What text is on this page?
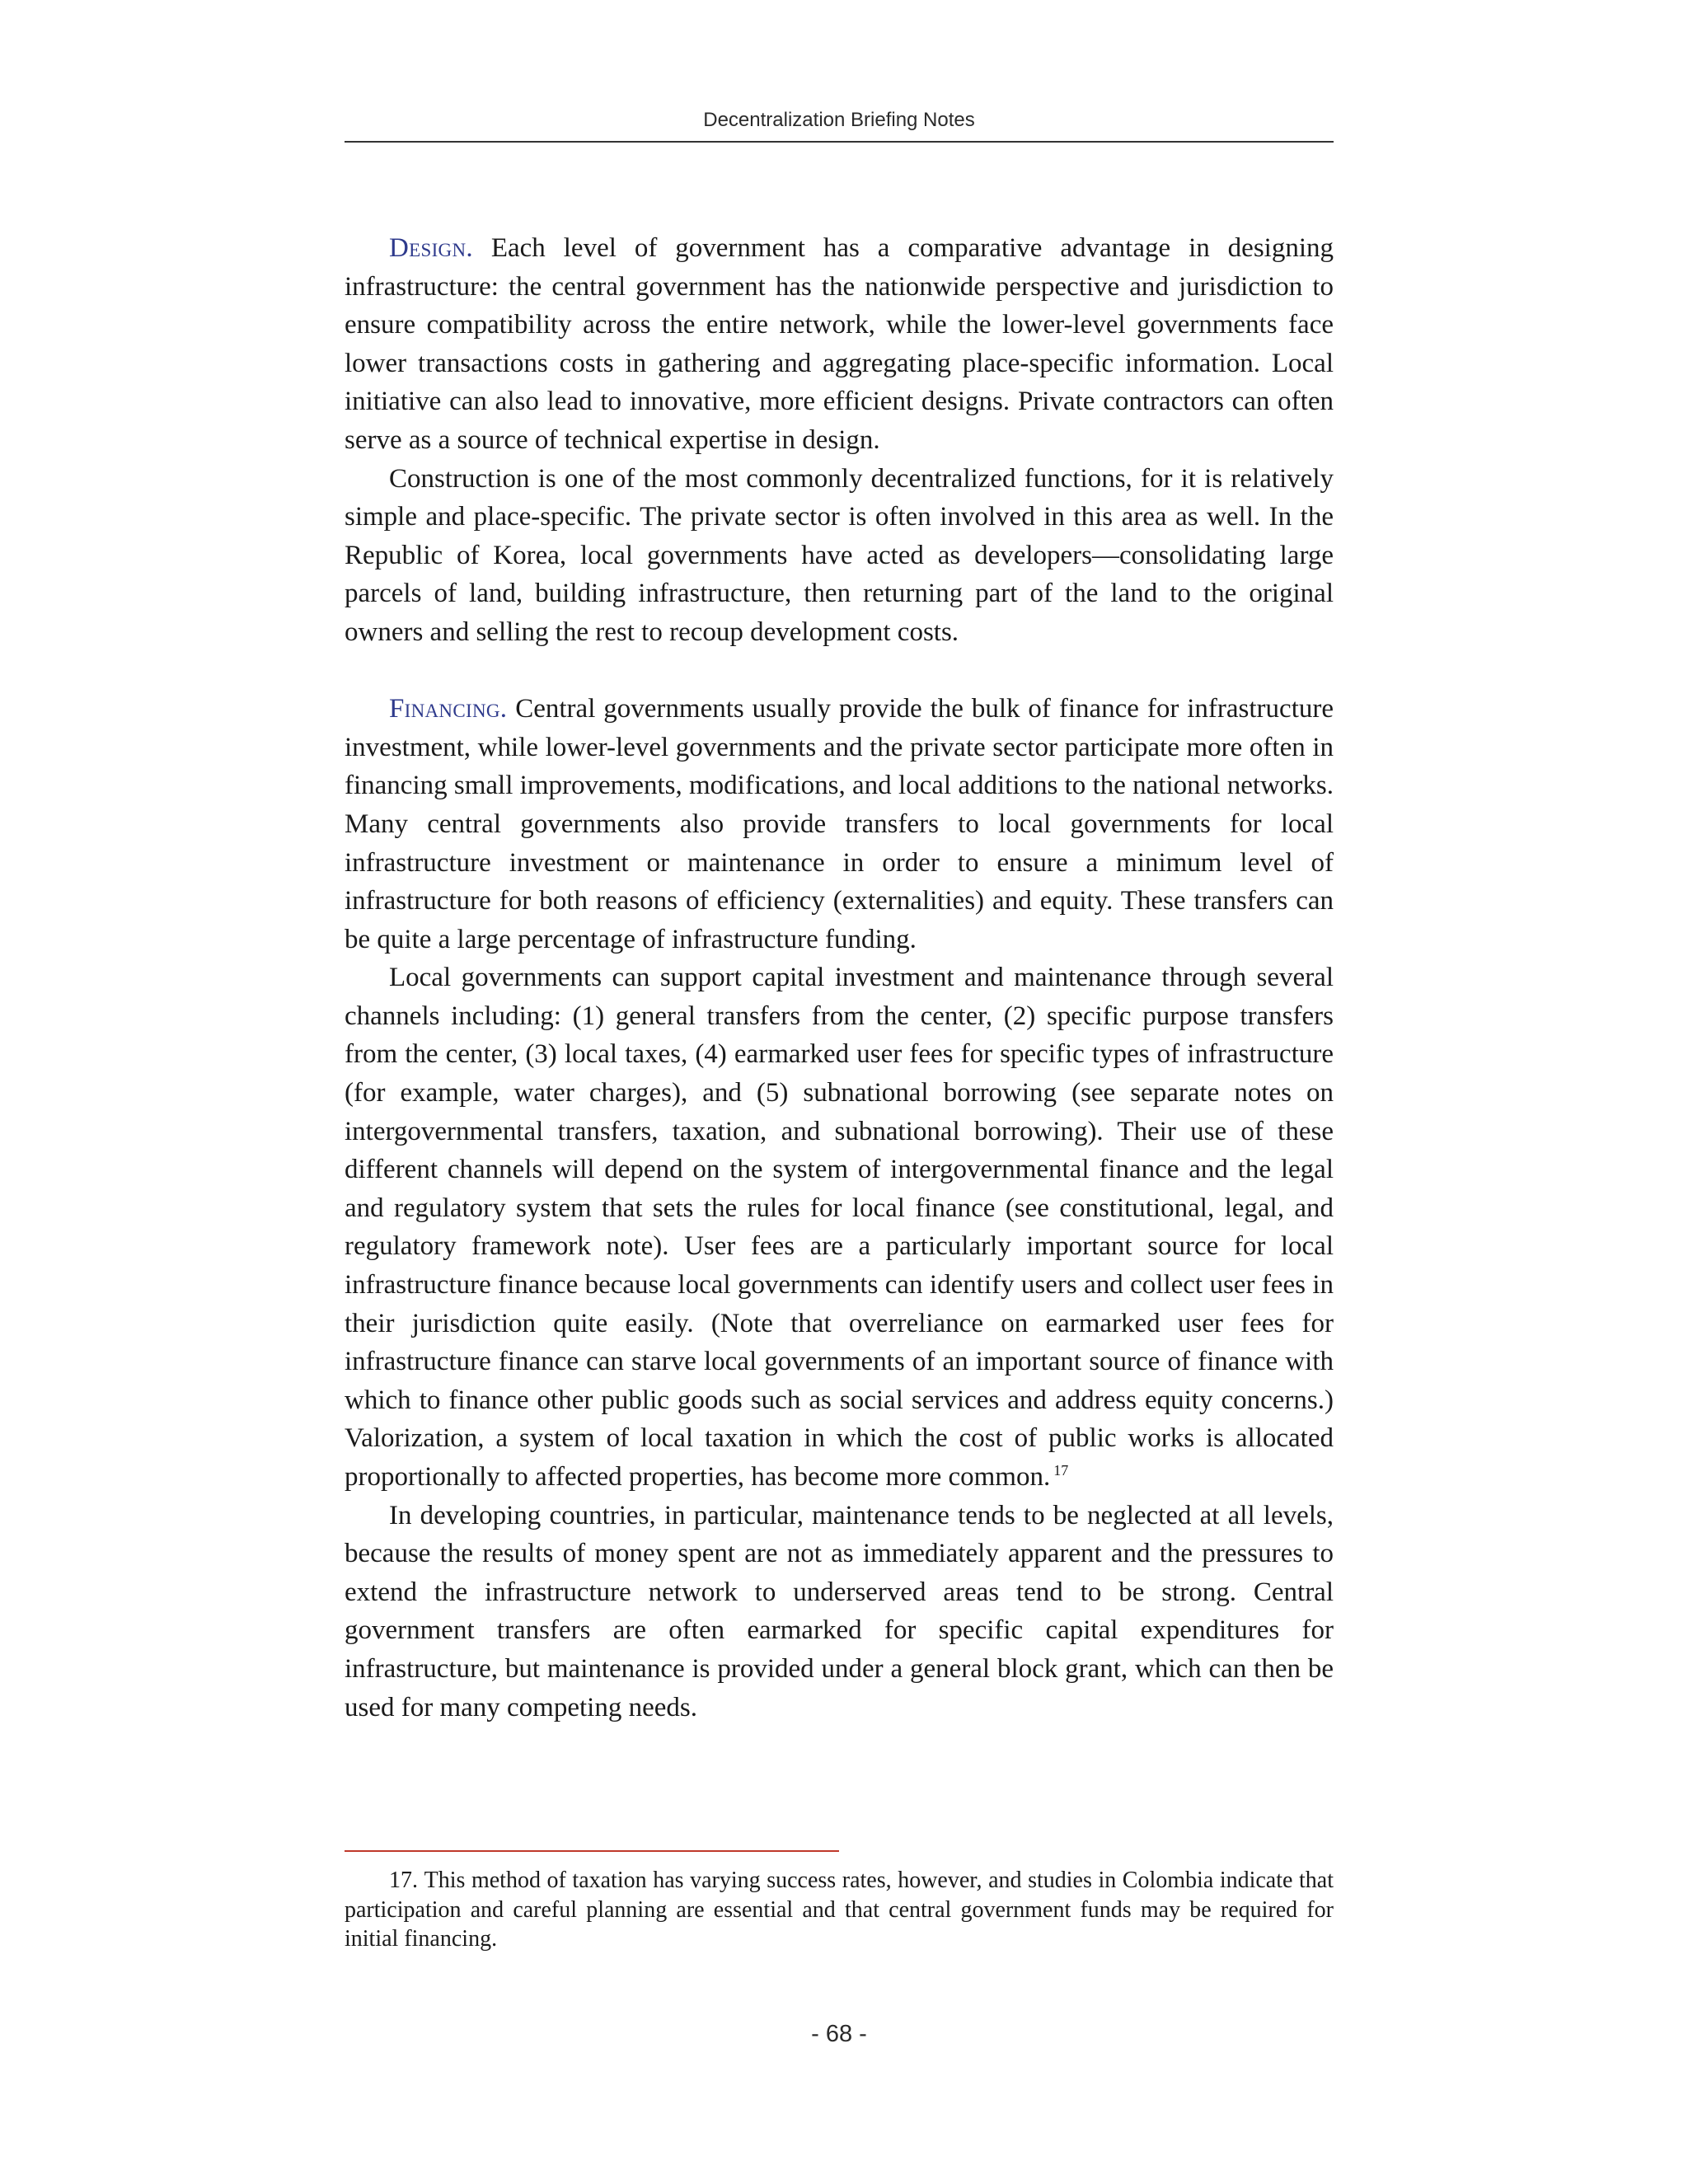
Decentralization Briefing Notes

Design. Each level of government has a comparative advantage in designing infrastructure: the central government has the nationwide perspective and jurisdiction to ensure compatibility across the entire network, while the lower-level governments face lower transactions costs in gathering and aggregating place-specific information. Local initiative can also lead to innovative, more efficient designs. Private contractors can often serve as a source of technical expertise in design.

Construction is one of the most commonly decentralized functions, for it is relatively simple and place-specific. The private sector is often involved in this area as well. In the Republic of Korea, local governments have acted as developers—consolidating large parcels of land, building infrastructure, then returning part of the land to the original owners and selling the rest to recoup development costs.

Financing. Central governments usually provide the bulk of finance for infrastructure investment, while lower-level governments and the private sector participate more often in financing small improvements, modifications, and local additions to the national networks. Many central governments also provide transfers to local governments for local infrastructure investment or maintenance in order to ensure a minimum level of infrastructure for both reasons of efficiency (externalities) and equity. These transfers can be quite a large percentage of infrastructure funding.

Local governments can support capital investment and maintenance through several channels including: (1) general transfers from the center, (2) specific purpose transfers from the center, (3) local taxes, (4) earmarked user fees for specific types of infrastructure (for example, water charges), and (5) subnational borrowing (see separate notes on intergovernmental transfers, taxation, and subnational borrowing). Their use of these different channels will depend on the system of intergovernmental finance and the legal and regulatory system that sets the rules for local finance (see constitutional, legal, and regulatory framework note). User fees are a particularly important source for local infrastructure finance because local governments can identify users and collect user fees in their jurisdiction quite easily. (Note that overreliance on earmarked user fees for infrastructure finance can starve local governments of an important source of finance with which to finance other public goods such as social services and address equity concerns.) Valorization, a system of local taxation in which the cost of public works is allocated proportionally to affected properties, has become more common. $^{17}$

In developing countries, in particular, maintenance tends to be neglected at all levels, because the results of money spent are not as immediately apparent and the pressures to extend the infrastructure network to underserved areas tend to be strong. Central government transfers are often earmarked for specific capital expenditures for infrastructure, but maintenance is provided under a general block grant, which can then be used for many competing needs.

17. This method of taxation has varying success rates, however, and studies in Colombia indicate that participation and careful planning are essential and that central government funds may be required for initial financing.

- 68 -
